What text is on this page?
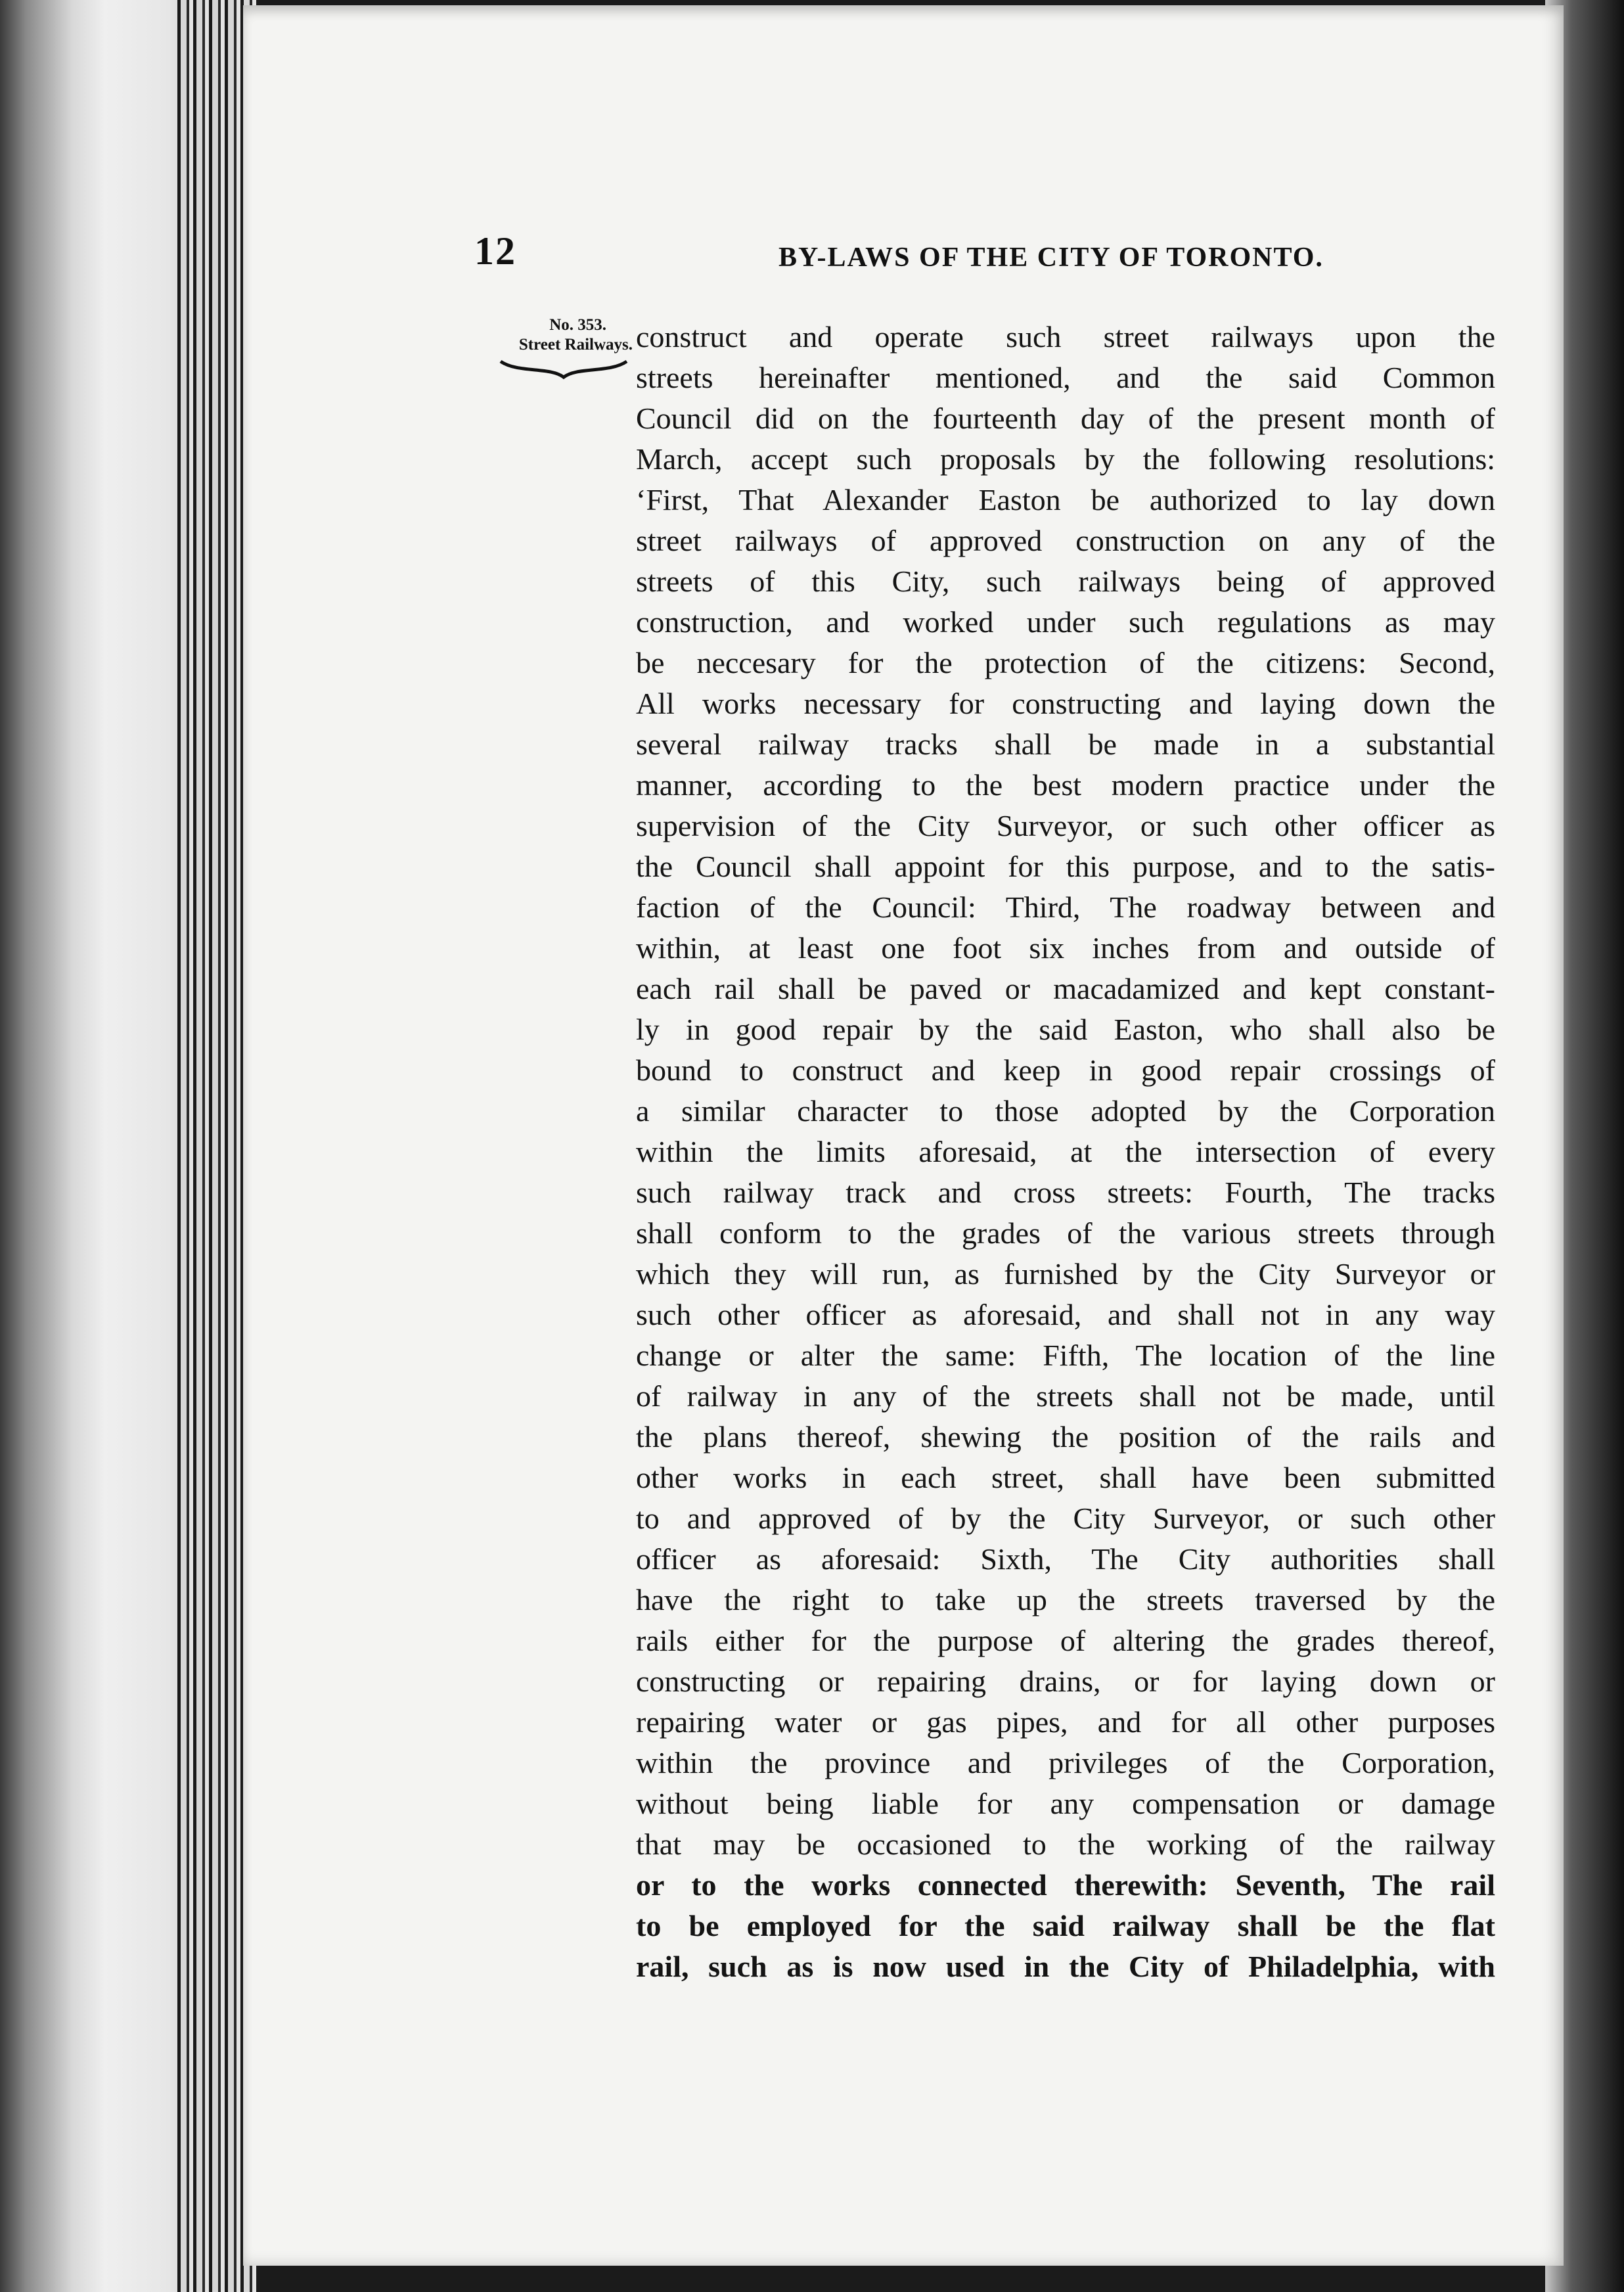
12	BY-LAWS OF THE CITY OF TORONTO.
No. 353.
Street Railways. construct and operate such street railways upon the
streets hereinafter mentioned, and the said Common
Council did on the fourteenth day of the present month of
March, accept such proposals by the following resolutions:
‘First, That Alexander Easton be authorized to lay down
street railways of approved construction on any of the
streets of this City, such railways being of approved
construction, and worked under such regulations as may
be neccesary for the protection of the citizens: Second,
All works necessary for constructing and laying down the
several railway tracks shall be made in a substantial
manner, according to the best modern practice under the
supervision of the City Surveyor, or such other officer as
the Council shall appoint for this purpose, and to the satis-
faction of the Council: Third, The roadway between and
within, at least one foot six inches from and outside of
each rail shall be paved or macadamized and kept constant-
ly in good repair by the said Easton, who shall also be
bound to construct and keep in good repair crossings of
a similar character to those adopted by the Corporation
within the limits aforesaid, at the intersection of every
such railway track and cross streets: Fourth, The tracks
shall conform to the grades of the various streets through
which they will run, as furnished by the City Surveyor or
such other officer as aforesaid, and shall not in any way
change or alter the same: Fifth, The location of the line
of railway in any of the streets shall not be made, until
the plans thereof, shewing the position of the rails and
other works in each street, shall have been submitted
to and approved of by the City Surveyor, or such other
officer as aforesaid: Sixth, The City authorities shall
have the right to take up the streets traversed by the
rails either for the purpose of altering the grades thereof,
constructing or repairing drains, or for laying down or
repairing water or gas pipes, and for all other purposes
within the province and privileges of the Corporation,
without being liable for any compensation or damage
that may be occasioned to the working of the railway
or to the works connected therewith: Seventh, The rail
to be employed for the said railway shall be the flat
rail, such as is now used in the City of Philadelphia, with
